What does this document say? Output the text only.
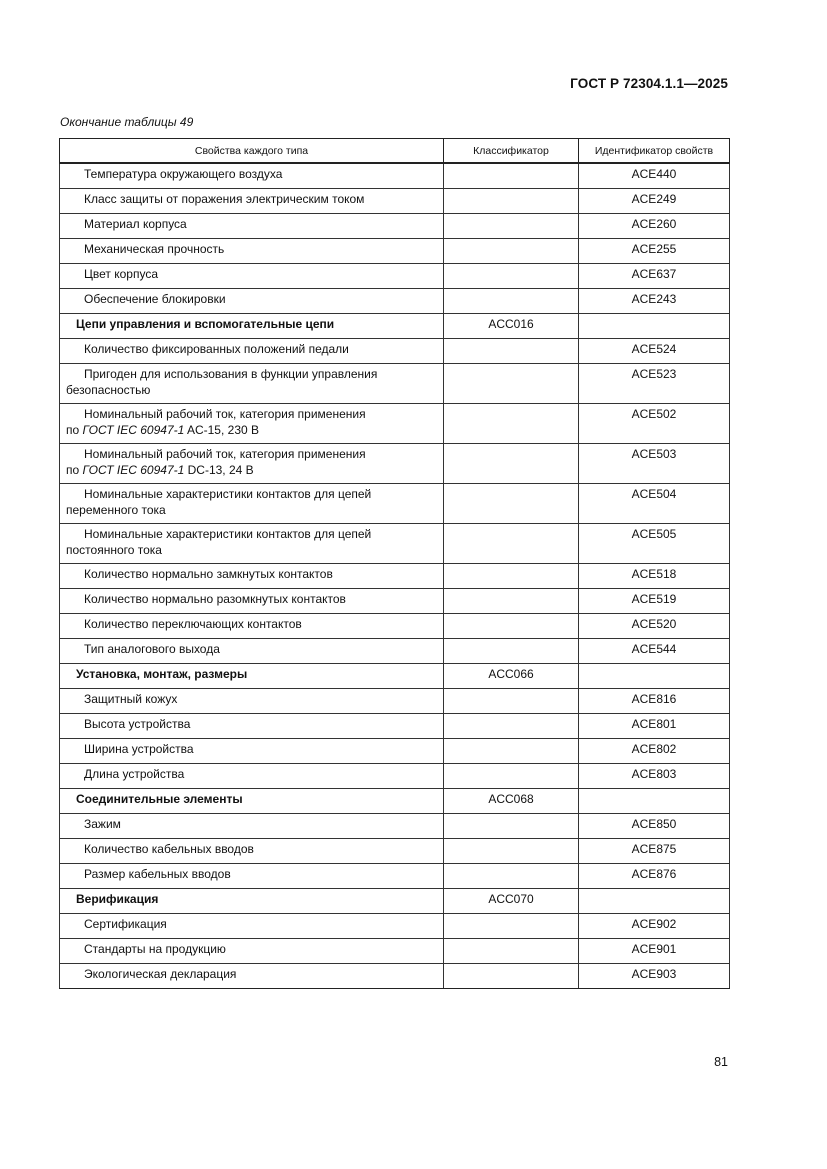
ГОСТ Р 72304.1.1—2025
Окончание таблицы 49
Свойства каждого типа	Классификатор	Идентификатор свойств
Температура окружающего воздуха		ACE440
Класс защиты от поражения электрическим током		ACE249
Материал корпуса		ACE260
Механическая прочность		ACE255
Цвет корпуса		ACE637
Обеспечение блокировки		ACE243
Цепи управления и вспомогательные цепи	ACC016	
Количество фиксированных положений педали		ACE524

Пригоден для использования в функции управления
безопасностью		ACE523

Номинальный рабочий ток, категория применения
по ГОСТ IEC 60947-1 AC-15, 230 В		ACE502

Номинальный рабочий ток, категория применения
по ГОСТ IEC 60947-1 DC-13, 24 В		ACE503

Номинальные характеристики контактов для цепей
переменного тока		ACE504

Номинальные характеристики контактов для цепей
постоянного тока		ACE505
Количество нормально замкнутых контактов		ACE518
Количество нормально разомкнутых контактов		ACE519
Количество переключающих контактов		ACE520
Тип аналогового выхода		ACE544
Установка, монтаж, размеры	ACC066	
Защитный кожух		ACE816
Высота устройства		ACE801
Ширина устройства		ACE802
Длина устройства		ACE803
Соединительные элементы	ACC068	
Зажим		ACE850
Количество кабельных вводов		ACE875
Размер кабельных вводов		ACE876
Верификация	ACC070	
Сертификация		ACE902
Стандарты на продукцию		ACE901
Экологическая декларация		ACE903
81
